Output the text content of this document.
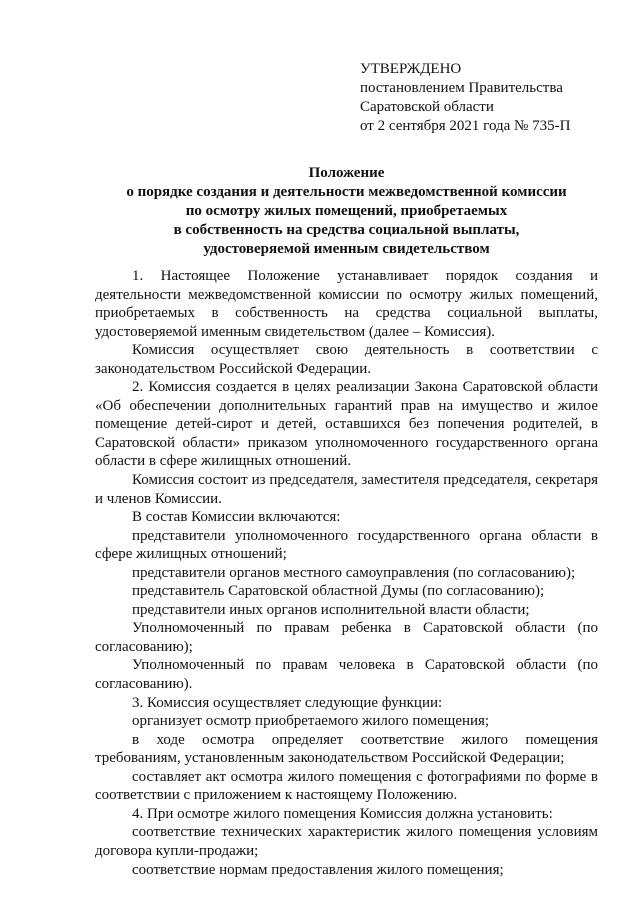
УТВЕРЖДЕНО
постановлением Правительства
Саратовской области
от 2 сентября 2021 года № 735-П
Положение
о порядке создания и деятельности межведомственной комиссии
по осмотру жилых помещений, приобретаемых
в собственность на средства социальной выплаты,
удостоверяемой именным свидетельством

1. Настоящее Положение устанавливает порядок создания и деятельности межведомственной комиссии по осмотру жилых помещений, приобретаемых в собственность на средства социальной выплаты, удостоверяемой именным свидетельством (далее – Комиссия).

Комиссия осуществляет свою деятельность в соответствии с законодательством Российской Федерации.

2. Комиссия создается в целях реализации Закона Саратовской области «Об обеспечении дополнительных гарантий прав на имущество и жилое помещение детей-сирот и детей, оставшихся без попечения родителей, в Саратовской области» приказом уполномоченного государственного органа области в сфере жилищных отношений.

Комиссия состоит из председателя, заместителя председателя, секретаря и членов Комиссии.

В состав Комиссии включаются:

представители уполномоченного государственного органа области в сфере жилищных отношений;

представители органов местного самоуправления (по согласованию);

представитель Саратовской областной Думы (по согласованию);

представители иных органов исполнительной власти области;

Уполномоченный по правам ребенка в Саратовской области (по согласованию);

Уполномоченный по правам человека в Саратовской области (по согласованию).

3. Комиссия осуществляет следующие функции:

организует осмотр приобретаемого жилого помещения;

в ходе осмотра определяет соответствие жилого помещения требованиям, установленным законодательством Российской Федерации;

составляет акт осмотра жилого помещения с фотографиями по форме в соответствии с приложением к настоящему Положению.

4. При осмотре жилого помещения Комиссия должна установить:

соответствие технических характеристик жилого помещения условиям договора купли-продажи;

соответствие нормам предоставления жилого помещения;
